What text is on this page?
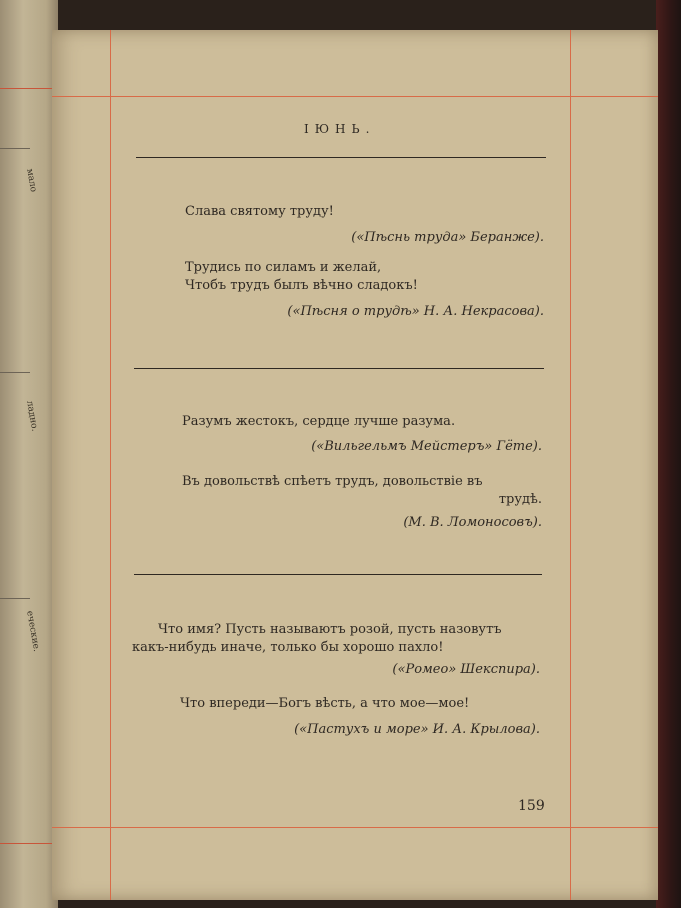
мало
ладно.
еческие.
ІЮНЬ.
Слава святому труду!
(«Пѣснь труда» Беранже).
Трудись по силамъ и желай,
Чтобъ трудъ былъ вѣчно сладокъ!
(«Пѣсня о трудѣ» Н. А. Некрасова).
Разумъ жестокъ, сердце лучше разума.
(«Вильгельмъ Мейстеръ» Гёте).
Въ довольствѣ спѣетъ трудъ, довольствіе въ
трудѣ.
(М. В. Ломоносовъ).
Что имя? Пусть называютъ розой, пусть назовутъ
какъ-нибудь иначе, только бы хорошо пахло!
(«Ромео» Шекспира).
Что впереди—Богъ вѣсть, а что мое—мое!
(«Пастухъ и море» И. А. Крылова).
159
